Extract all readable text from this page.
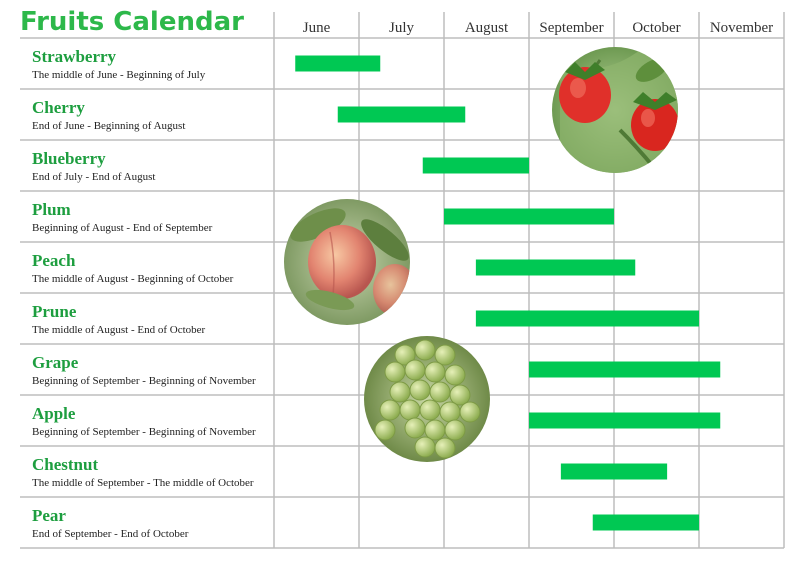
Fruits Calendar	June	July	August September October November
Strawberry
The middle of June - Beginning of July
Cherry
End of June - Beginning of August
Blueberry
End of July - End of August
Plum
Beginning of August - End of September
Peach
The middle of August - Beginning of October
Prune
The middle of August - End of October
Grape
Beginning of September - Beginning of November
Apple
Beginning of September - Beginning of November
Chestnut
The middle of September - The middle of October
Pear
End of September - End of October
